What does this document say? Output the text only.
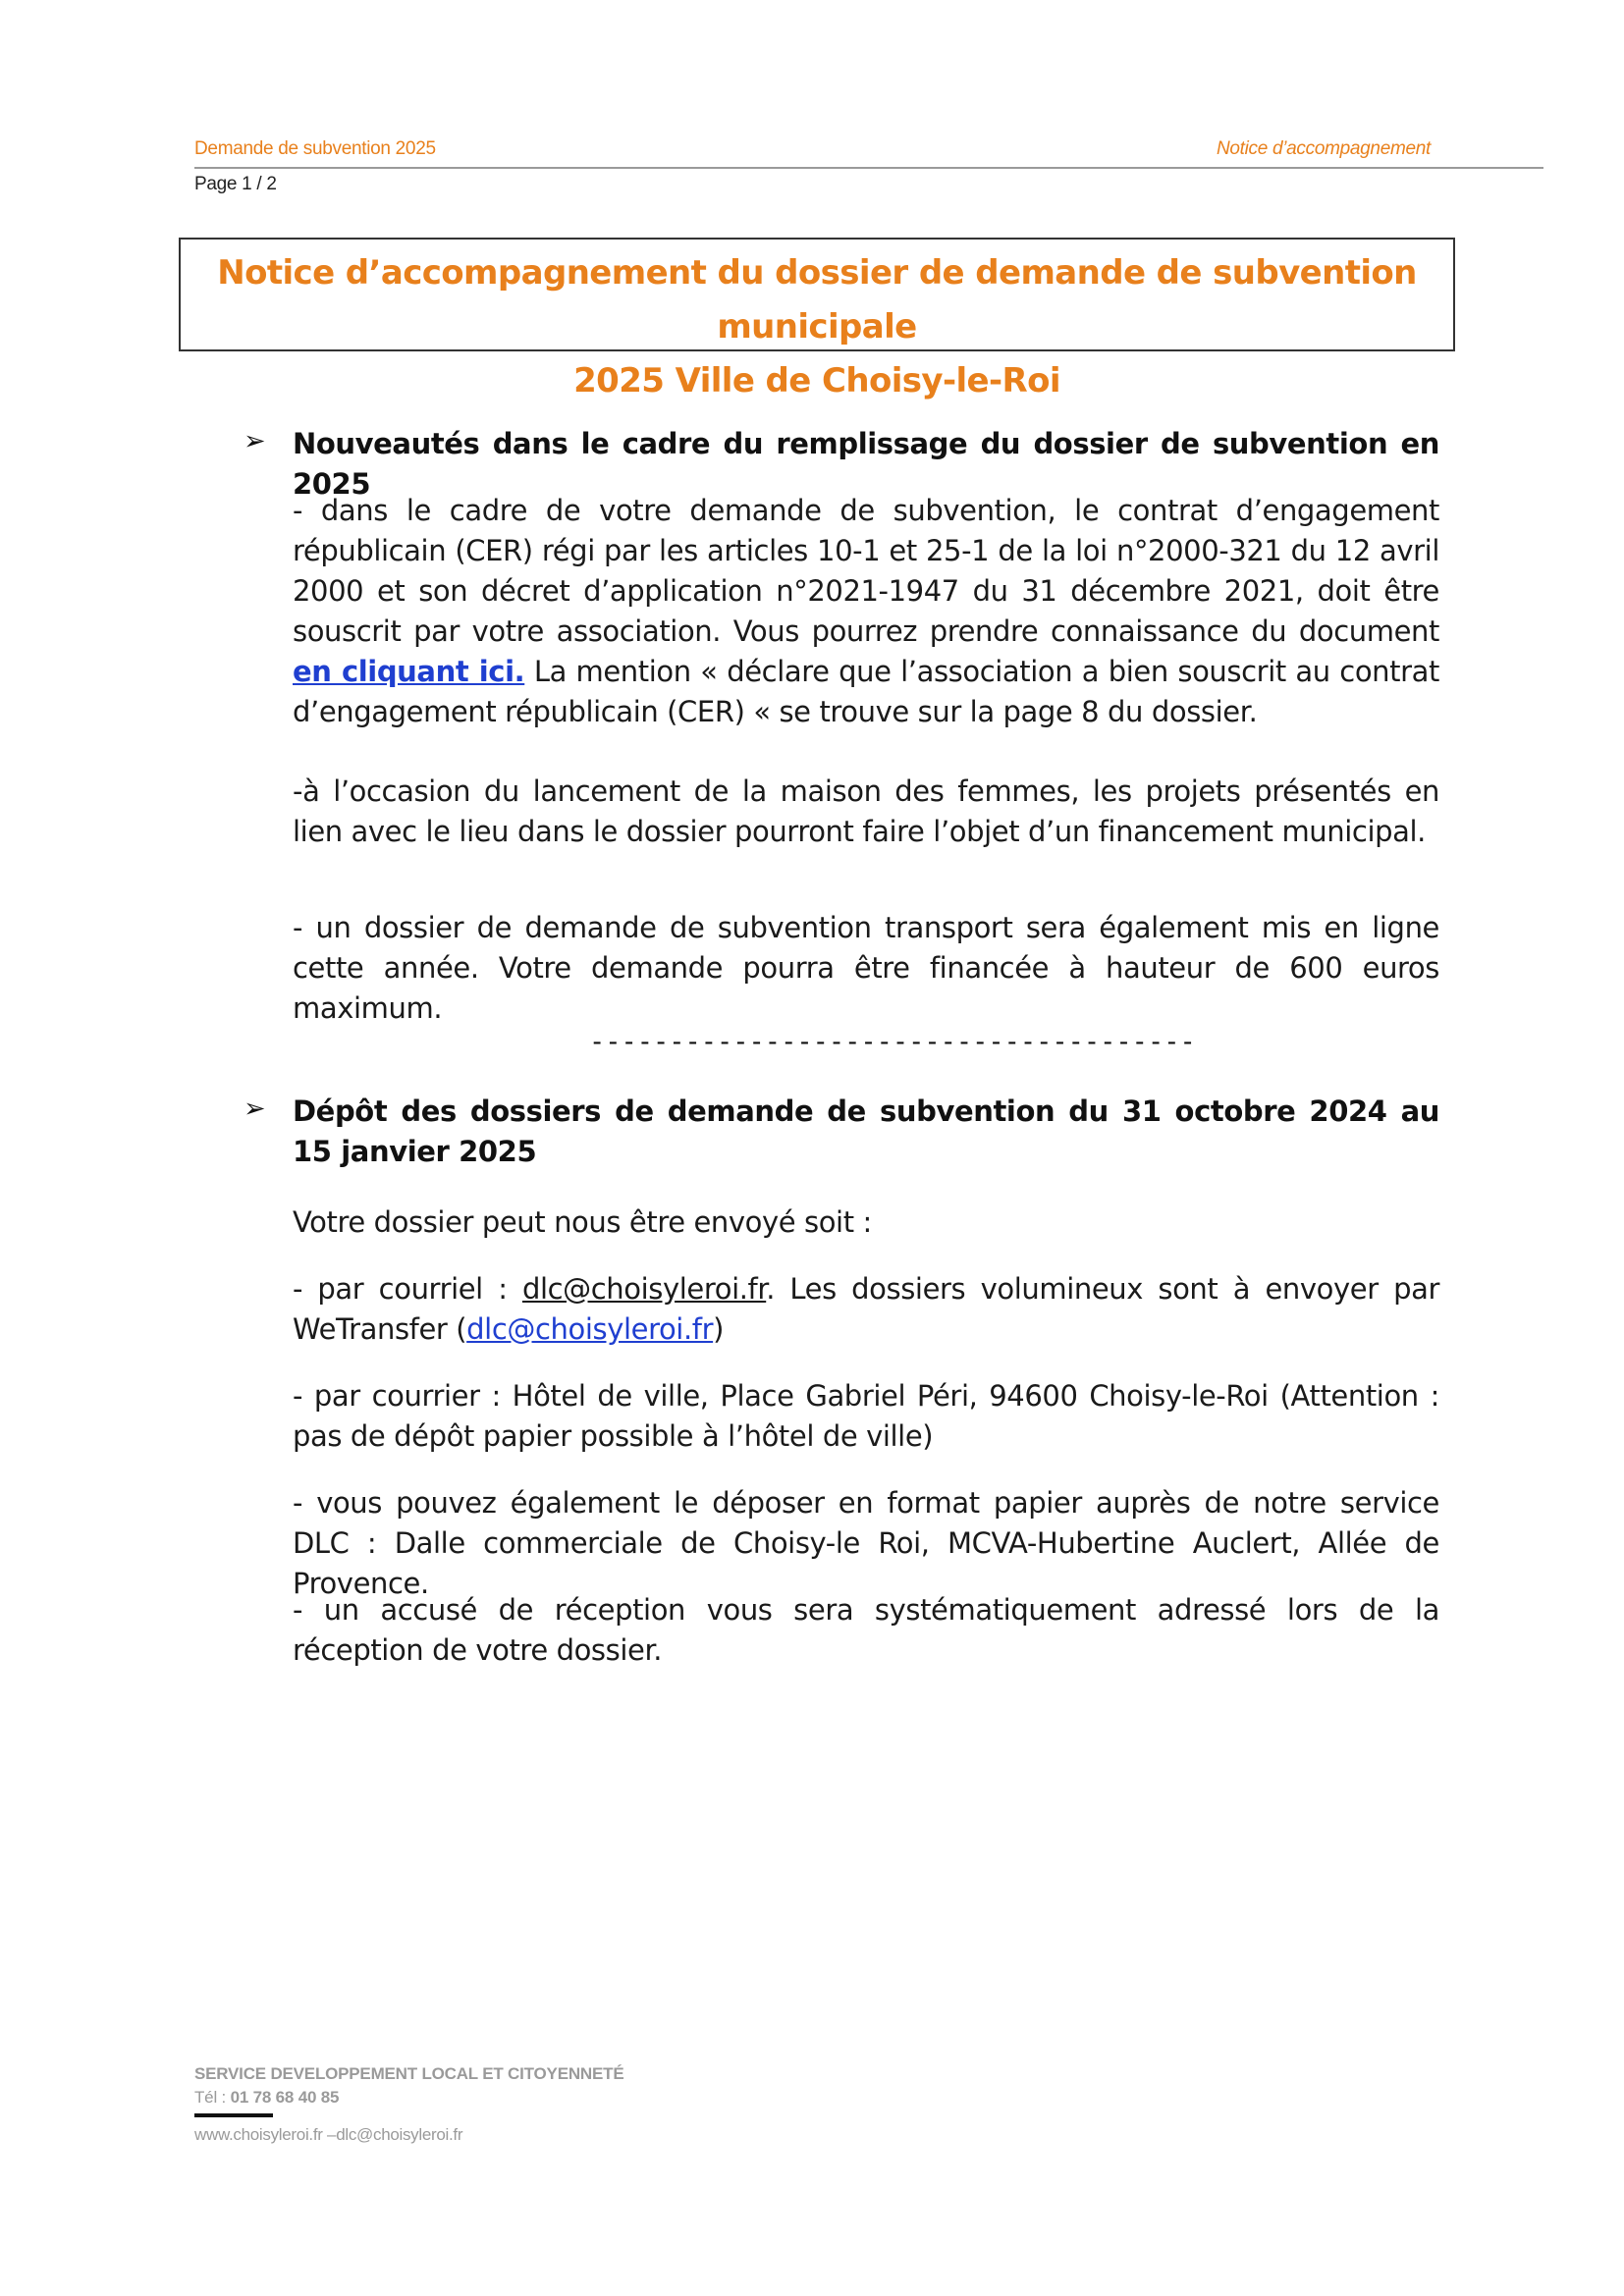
Demande de subvention 2025	Notice d’accompagnement
Page 1 / 2
Notice d’accompagnement du dossier de demande de subvention municipale
2025 Ville de Choisy-le-Roi
➢ Nouveautés dans le cadre du remplissage du dossier de subvention en 2025
- dans le cadre de votre demande de subvention, le contrat d’engagement républicain (CER) régi par les articles 10-1 et 25-1 de la loi n°2000-321 du 12 avril 2000 et son décret d’application n°2021-1947 du 31 décembre 2021, doit être souscrit par votre association. Vous pourrez prendre connaissance du document en cliquant ici. La mention « déclare que l’association a bien souscrit au contrat d’engagement républicain (CER) « se trouve sur la page 8 du dossier.
-à l’occasion du lancement de la maison des femmes, les projets présentés en lien avec le lieu dans le dossier pourront faire l’objet d’un financement municipal.
- un dossier de demande de subvention transport sera également mis en ligne cette année. Votre demande pourra être financée à hauteur de 600 euros maximum.
--------------------------------------
➢ Dépôt des dossiers de demande de subvention du 31 octobre 2024 au 15 janvier 2025
Votre dossier peut nous être envoyé soit :
- par courriel : dlc@choisyleroi.fr. Les dossiers volumineux sont à envoyer par WeTransfer (dlc@choisyleroi.fr)
- par courrier : Hôtel de ville, Place Gabriel Péri, 94600 Choisy-le-Roi (Attention : pas de dépôt papier possible à l’hôtel de ville)
- vous pouvez également le déposer en format papier auprès de notre service DLC : Dalle commerciale de Choisy-le Roi, MCVA-Hubertine Auclert, Allée de Provence.
- un accusé de réception vous sera systématiquement adressé lors de la réception de votre dossier.
SERVICE DEVELOPPEMENT LOCAL ET CITOYENNETÉ
Tél : 01 78 68 40 85
www.choisyleroi.fr –dlc@choisyleroi.fr
